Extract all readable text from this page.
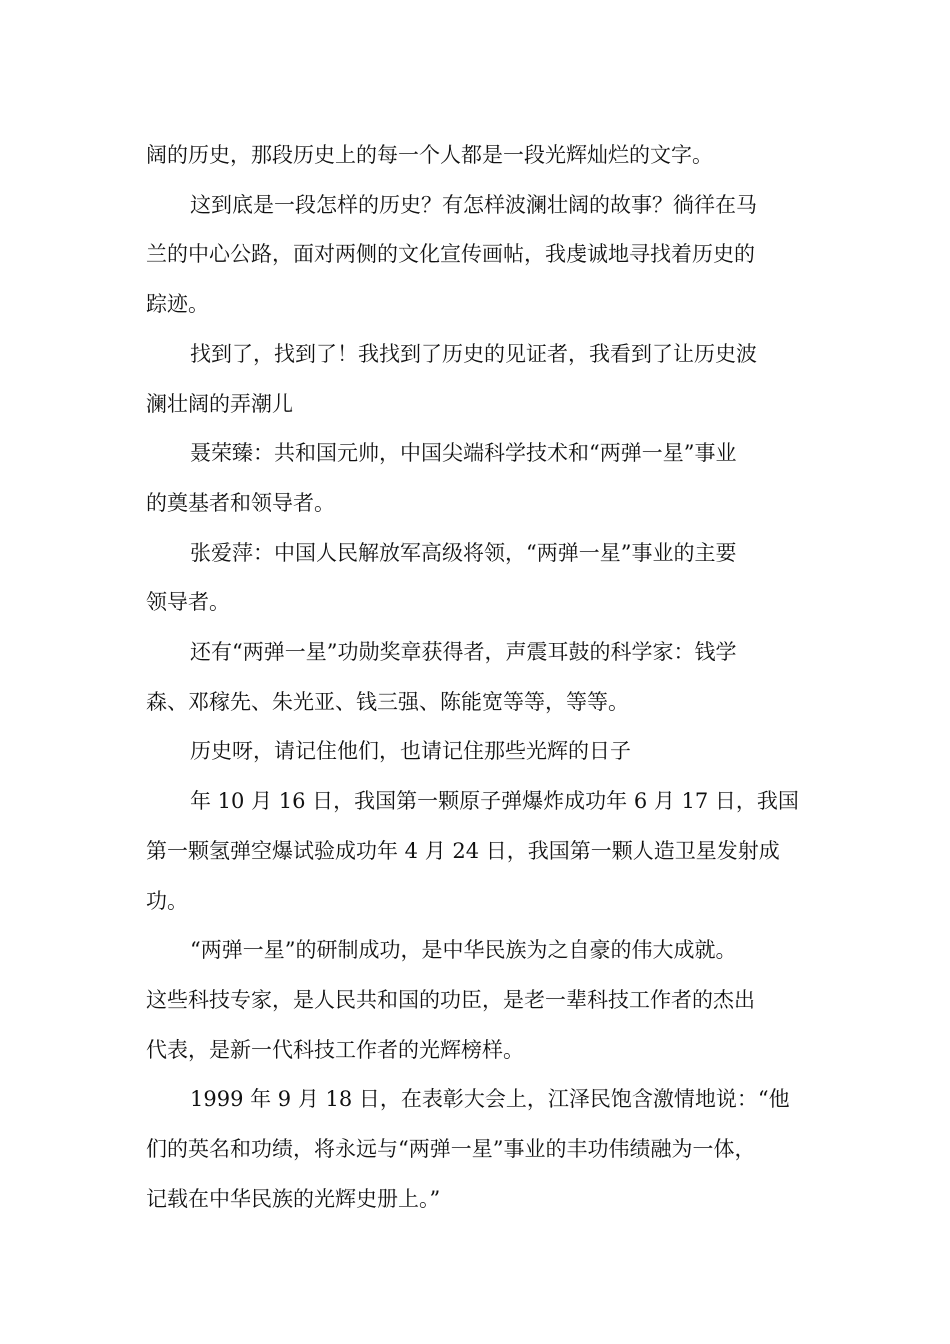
阔的历史，那段历史上的每一个人都是一段光辉灿烂的文字。

这到底是一段怎样的历史？有怎样波澜壮阔的故事？徜徉在马
兰的中心公路，面对两侧的文化宣传画帖，我虔诚地寻找着历史的
踪迹。

找到了，找到了！我找到了历史的见证者，我看到了让历史波
澜壮阔的弄潮儿

聂荣臻：共和国元帅，中国尖端科学技术和“两弹一星”事业
的奠基者和领导者。

张爱萍：中国人民解放军高级将领，“两弹一星”事业的主要
领导者。

还有“两弹一星”功勋奖章获得者，声震耳鼓的科学家：钱学
森、邓稼先、朱光亚、钱三强、陈能宽等等，等等。

历史呀，请记住他们，也请记住那些光辉的日子

年 10 月 16 日，我国第一颗原子弹爆炸成功年 6 月 17 日，我国
第一颗氢弹空爆试验成功年 4 月 24 日，我国第一颗人造卫星发射成
功。

“两弹一星”的研制成功，是中华民族为之自豪的伟大成就。
这些科技专家，是人民共和国的功臣，是老一辈科技工作者的杰出
代表，是新一代科技工作者的光辉榜样。

1999 年 9 月 18 日，在表彰大会上，江泽民饱含激情地说：“他
们的英名和功绩，将永远与“两弹一星”事业的丰功伟绩融为一体，
记载在中华民族的光辉史册上。”
